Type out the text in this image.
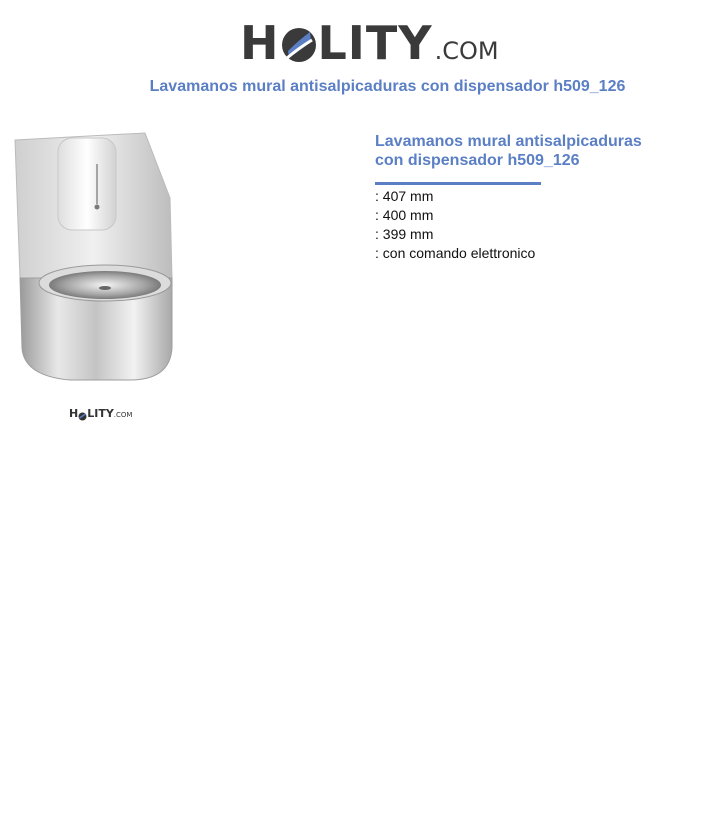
H LITY .COM
Lavamanos mural antisalpicaduras con dispensador h509_126
H LITY .COM
Lavamanos mural antisalpicaduras
con dispensador h509_126
: 407 mm
: 400 mm
: 399 mm
: con comando elettronico
